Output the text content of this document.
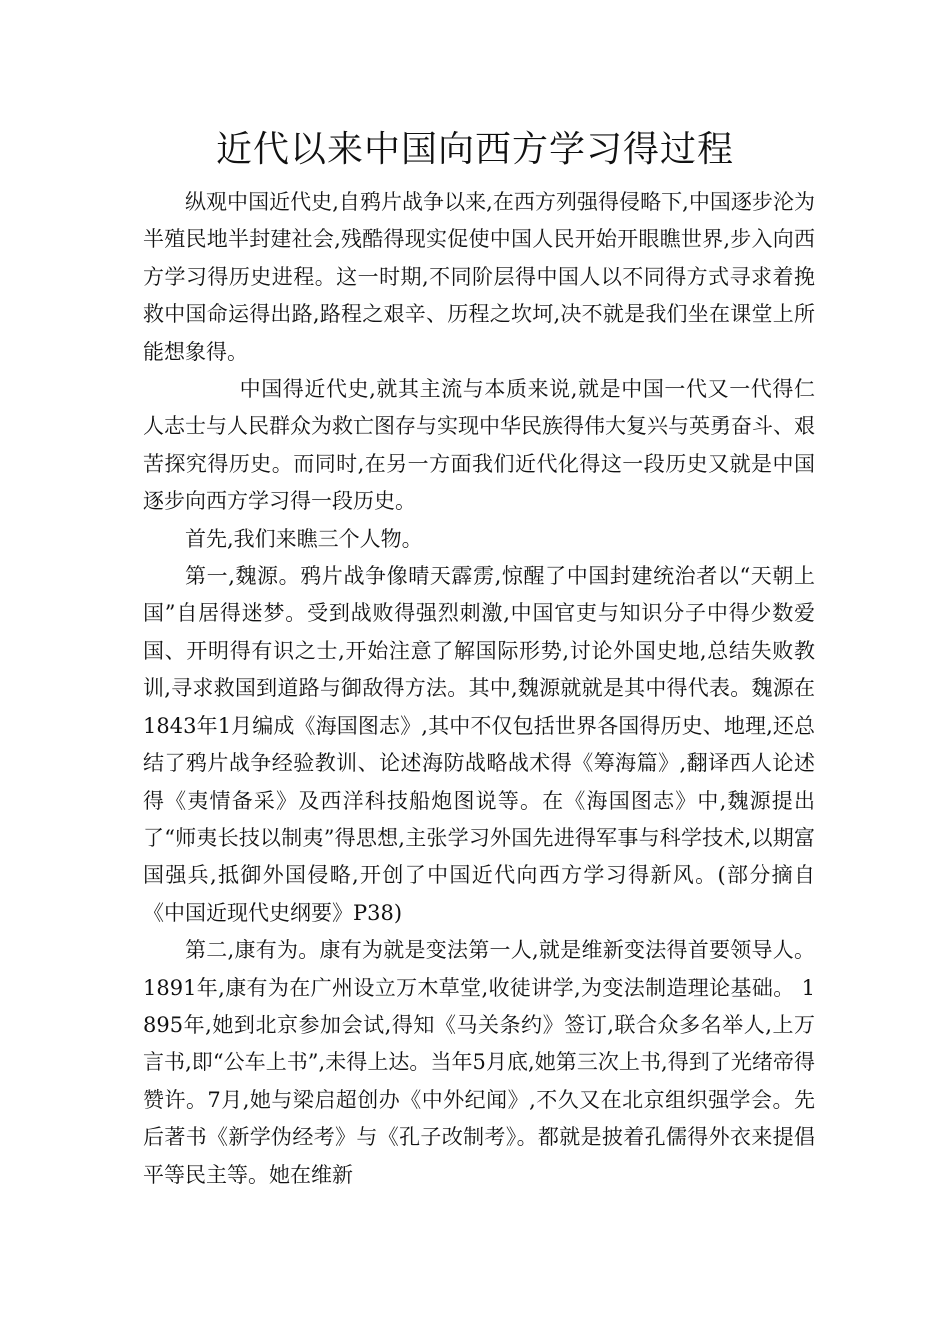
近代以来中国向西方学习得过程

纵观中国近代史,自鸦片战争以来,在西方列强得侵略下,中国逐步沦为半殖民地半封建社会,残酷得现实促使中国人民开始开眼瞧世界,步入向西方学习得历史进程。这一时期,不同阶层得中国人以不同得方式寻求着挽救中国命运得出路,路程之艰辛、历程之坎坷,决不就是我们坐在课堂上所能想象得。

中国得近代史,就其主流与本质来说,就是中国一代又一代得仁人志士与人民群众为救亡图存与实现中华民族得伟大复兴与英勇奋斗、艰苦探究得历史。而同时,在另一方面我们近代化得这一段历史又就是中国逐步向西方学习得一段历史。

首先,我们来瞧三个人物。

第一,魏源。鸦片战争像晴天霹雳,惊醒了中国封建统治者以“天朝上国”自居得迷梦。受到战败得强烈刺激,中国官吏与知识分子中得少数爱国、开明得有识之士,开始注意了解国际形势,讨论外国史地,总结失败教训,寻求救国到道路与御敌得方法。其中,魏源就就是其中得代表。魏源在1843年1月编成《海国图志》,其中不仅包括世界各国得历史、地理,还总结了鸦片战争经验教训、论述海防战略战术得《筹海篇》,翻译西人论述得《夷情备采》及西洋科技船炮图说等。在《海国图志》中,魏源提出了“师夷长技以制夷”得思想,主张学习外国先进得军事与科学技术,以期富国强兵,抵御外国侵略,开创了中国近代向西方学习得新风。(部分摘自《中国近现代史纲要》P38)

第二,康有为。康有为就是变法第一人,就是维新变法得首要领导人。1891年,康有为在广州设立万木草堂,收徒讲学,为变法制造理论基础。 1895年,她到北京参加会试,得知《马关条约》签订,联合众多名举人,上万言书,即“公车上书”,未得上达。当年5月底,她第三次上书,得到了光绪帝得赞许。7月,她与梁启超创办《中外纪闻》,不久又在北京组织强学会。先后著书《新学伪经考》与《孔子改制考》。都就是披着孔儒得外衣来提倡平等民主等。她在维新
